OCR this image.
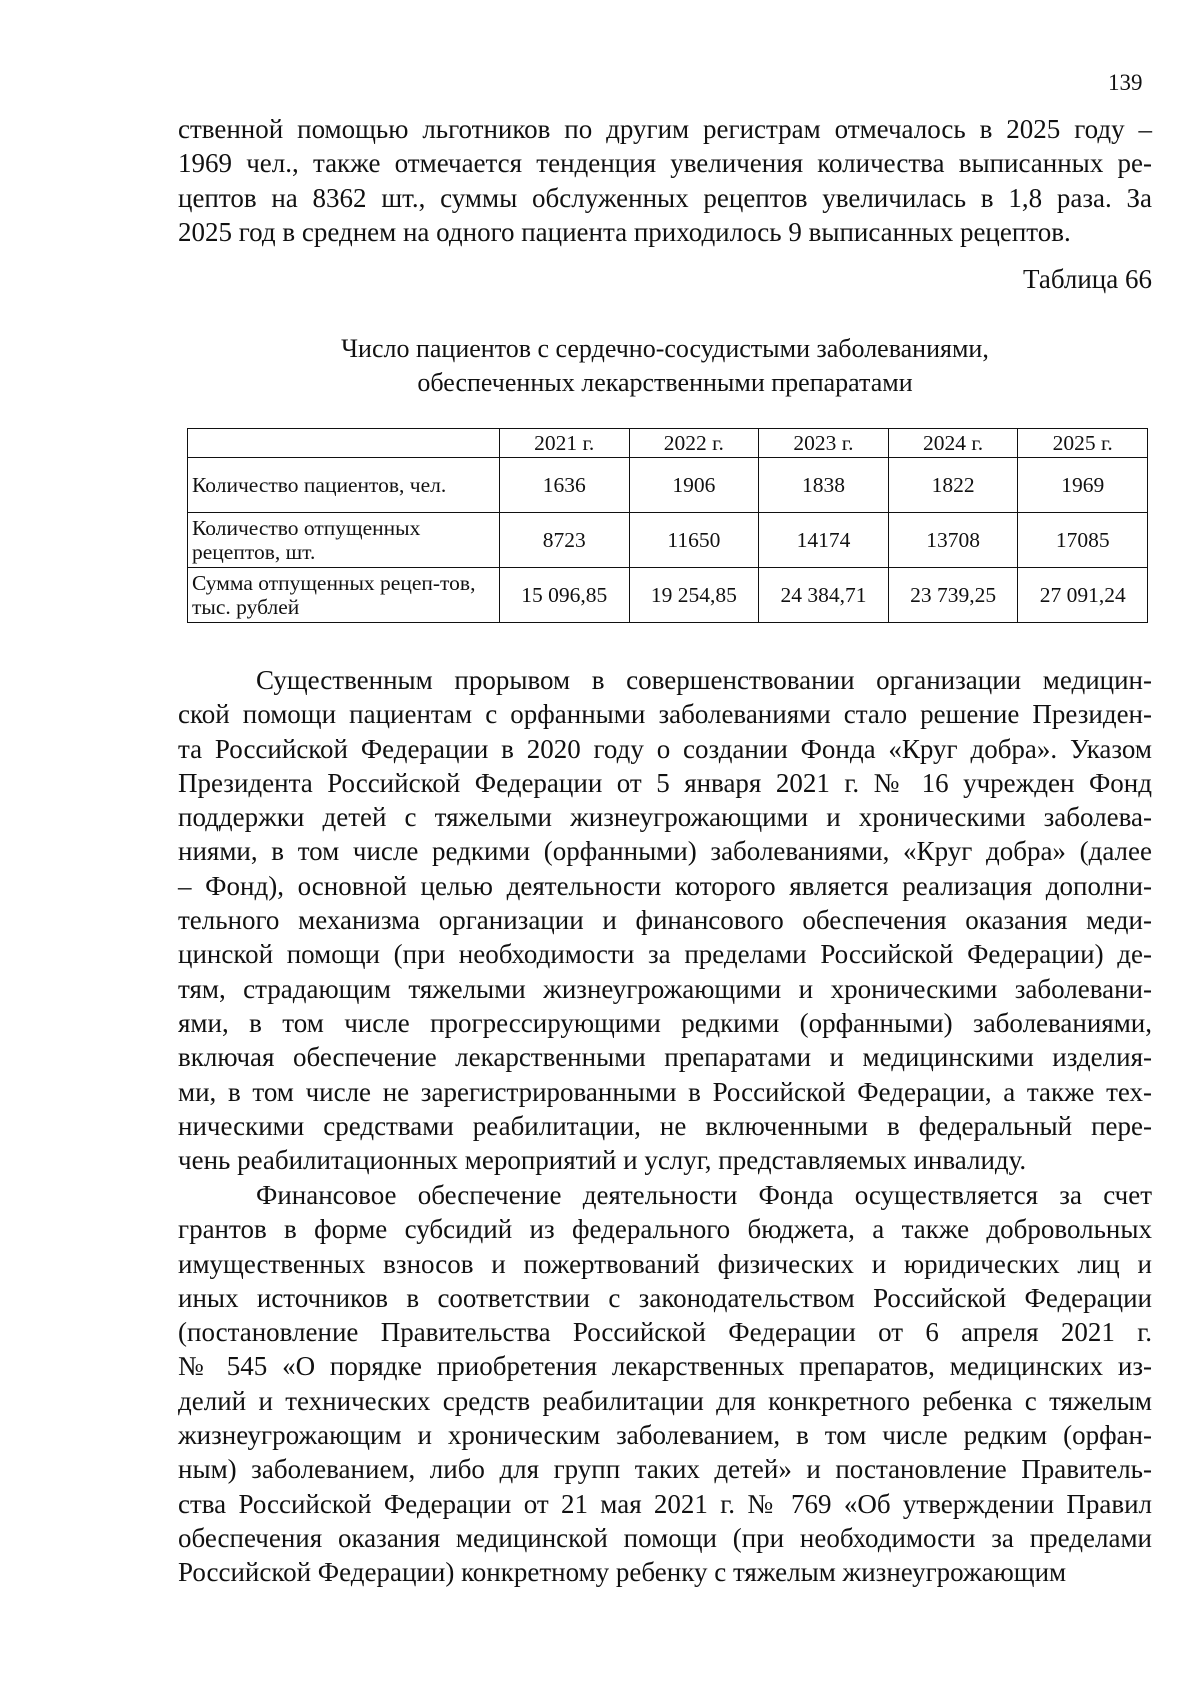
139

ственной помощью льготников по другим регистрам отмечалось в 2025 году –
1969 чел., также отмечается тенденция увеличения количества выписанных ре-
цептов на 8362 шт., суммы обслуженных рецептов увеличилась в 1,8 раза. За
2025 год в среднем на одного пациента приходилось 9 выписанных рецептов.

Таблица 66
Число пациентов с сердечно-сосудистыми заболеваниями,
обеспеченных лекарственными препаратами
	2021 г.	2022 г.	2023 г.	2024 г.	2025 г.
Количество пациентов, чел.	1636	1906	1838	1822	1969
Количество отпущенных рецептов, шт.	8723	11650	14174	13708	17085
Сумма отпущенных рецеп-тов, тыс. рублей	15 096,85	19 254,85	24 384,71	23 739,25	27 091,24

Существенным прорывом в совершенствовании организации медицин-
ской помощи пациентам с орфанными заболеваниями стало решение Президен-
та Российской Федерации в 2020 году о создании Фонда «Круг добра». Указом
Президента Российской Федерации от 5 января 2021 г. № 16 учрежден Фонд
поддержки детей с тяжелыми жизнеугрожающими и хроническими заболева-
ниями, в том числе редкими (орфанными) заболеваниями, «Круг добра» (далее
– Фонд), основной целью деятельности которого является реализация дополни-
тельного механизма организации и финансового обеспечения оказания меди-
цинской помощи (при необходимости за пределами Российской Федерации) де-
тям, страдающим тяжелыми жизнеугрожающими и хроническими заболевани-
ями, в том числе прогрессирующими редкими (орфанными) заболеваниями,
включая обеспечение лекарственными препаратами и медицинскими изделия-
ми, в том числе не зарегистрированными в Российской Федерации, а также тех-
ническими средствами реабилитации, не включенными в федеральный пере-
чень реабилитационных мероприятий и услуг, представляемых инвалиду.

Финансовое обеспечение деятельности Фонда осуществляется за счет
грантов в форме субсидий из федерального бюджета, а также добровольных
имущественных взносов и пожертвований физических и юридических лиц и
иных источников в соответствии с законодательством Российской Федерации
(постановление Правительства Российской Федерации от 6 апреля 2021 г.
№ 545 «О порядке приобретения лекарственных препаратов, медицинских из-
делий и технических средств реабилитации для конкретного ребенка с тяжелым
жизнеугрожающим и хроническим заболеванием, в том числе редким (орфан-
ным) заболеванием, либо для групп таких детей» и постановление Правитель-
ства Российской Федерации от 21 мая 2021 г. № 769 «Об утверждении Правил
обеспечения оказания медицинской помощи (при необходимости за пределами
Российской Федерации) конкретному ребенку с тяжелым жизнеугрожающим
